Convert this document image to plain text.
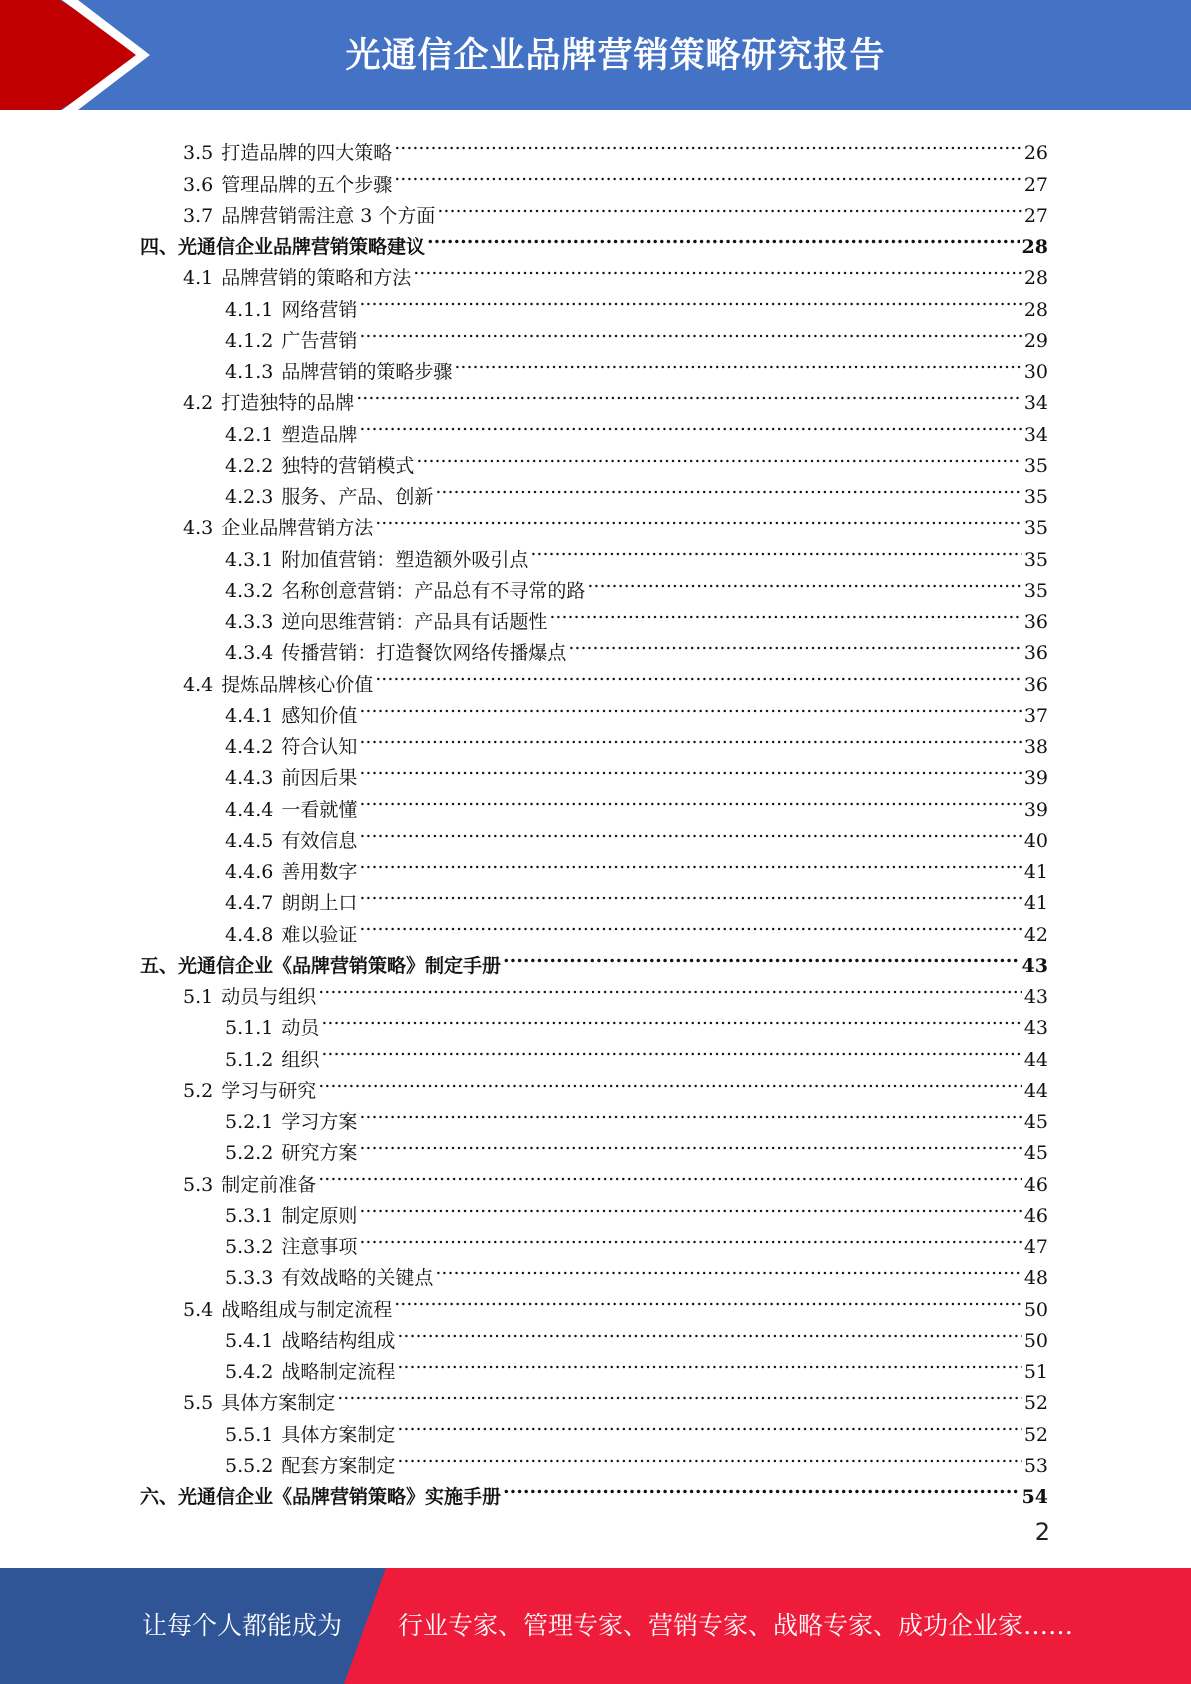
光通信企业品牌营销策略研究报告
3.5 打造品牌的四大策略 .....	26
3.6 管理品牌的五个步骤 .....	27
3.7 品牌营销需注意 3 个方面 .....	27
四、 光通信企业品牌营销策略建议 .....	28
4.1 品牌营销的策略和方法 .....	28
4.1.1 网络营销 .....	28
4.1.2 广告营销 .....	29
4.1.3 品牌营销的策略步骤 .....	30
4.2 打造独特的品牌 .....	34
4.2.1 塑造品牌 .....	34
4.2.2 独特的营销模式 .....	35
4.2.3 服务、产品、创新 .....	35
4.3 企业品牌营销方法 .....	35
4.3.1 附加值营销：塑造额外吸引点 .....	35
4.3.2 名称创意营销：产品总有不寻常的路 .....	35
4.3.3 逆向思维营销：产品具有话题性 .....	36
4.3.4 传播营销：打造餐饮网络传播爆点 .....	36
4.4 提炼品牌核心价值 .....	36
4.4.1 感知价值 .....	37
4.4.2 符合认知 .....	38
4.4.3 前因后果 .....	39
4.4.4 一看就懂 .....	39
4.4.5 有效信息 .....	40
4.4.6 善用数字 .....	41
4.4.7 朗朗上口 .....	41
4.4.8 难以验证 .....	42
五、 光通信企业《品牌营销策略》制定手册 .....	43
5.1 动员与组织 .....	43
5.1.1 动员 .....	43
5.1.2 组织 .....	44
5.2 学习与研究 .....	44
5.2.1 学习方案 .....	45
5.2.2 研究方案 .....	45
5.3 制定前准备 .....	46
5.3.1 制定原则 .....	46
5.3.2 注意事项 .....	47
5.3.3 有效战略的关键点 .....	48
5.4 战略组成与制定流程 .....	50
5.4.1 战略结构组成 .....	50
5.4.2 战略制定流程 .....	51
5.5 具体方案制定 .....	52
5.5.1 具体方案制定 .....	52
5.5.2 配套方案制定 .....	53
六、 光通信企业《品牌营销策略》实施手册 .....	54
2
让每个人都能成为 行业专家、管理专家、营销专家、战略专家、成功企业家……
